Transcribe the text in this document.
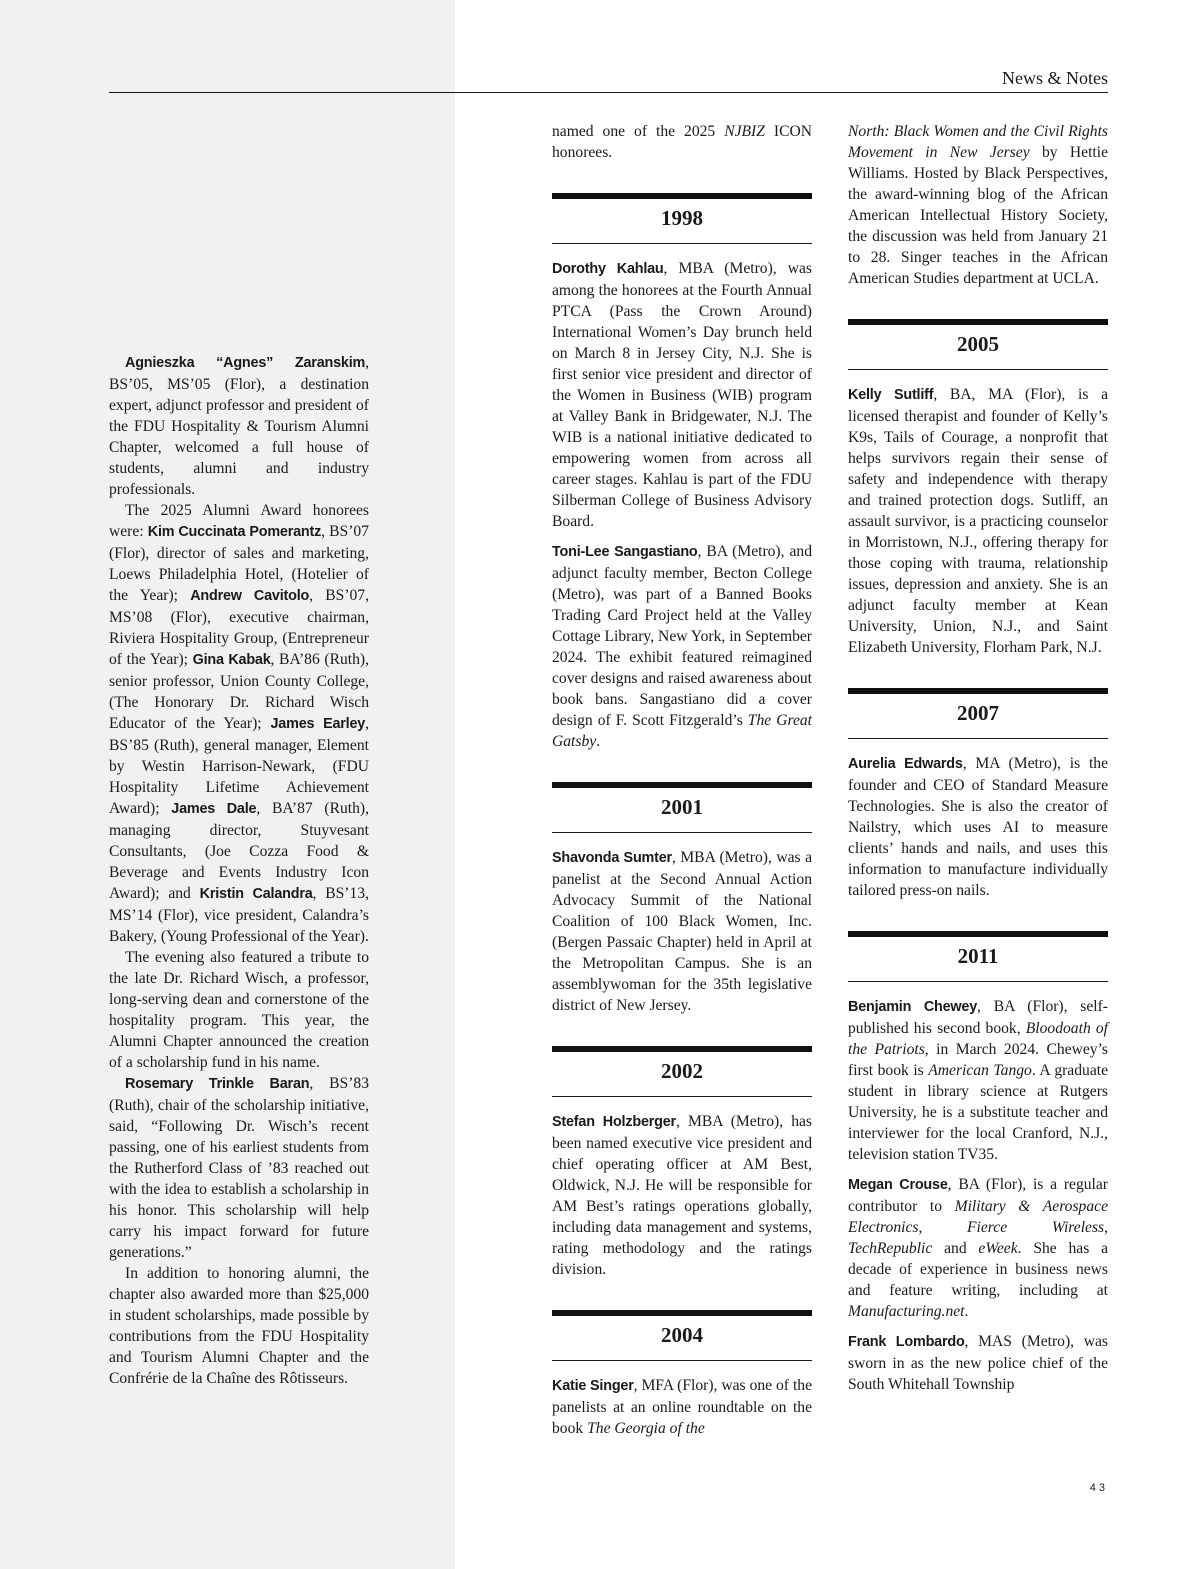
News & Notes

Agnieszka “Agnes” Zaranskim, BS’05, MS’05 (Flor), a destination expert, adjunct professor and president of the FDU Hospitality & Tourism Alumni Chapter, welcomed a full house of students, alumni and industry professionals.

The 2025 Alumni Award honorees were: Kim Cuccinata Pomerantz, BS’07 (Flor), director of sales and marketing, Loews Philadelphia Hotel, (Hotelier of the Year); Andrew Cavitolo, BS’07, MS’08 (Flor), executive chairman, Riviera Hospitality Group, (Entrepreneur of the Year); Gina Kabak, BA’86 (Ruth), senior professor, Union County College, (The Honorary Dr. Richard Wisch Educator of the Year); James Earley, BS’85 (Ruth), general manager, Element by Westin Harrison-Newark, (FDU Hospitality Lifetime Achievement Award); James Dale, BA’87 (Ruth), managing director, Stuyvesant Consultants, (Joe Cozza Food & Beverage and Events Industry Icon Award); and Kristin Calandra, BS’13, MS’14 (Flor), vice president, Calandra’s Bakery, (Young Professional of the Year).

The evening also featured a tribute to the late Dr. Richard Wisch, a professor, long-serving dean and cornerstone of the hospitality program. This year, the Alumni Chapter announced the creation of a scholarship fund in his name.

Rosemary Trinkle Baran, BS’83 (Ruth), chair of the scholarship initiative, said, “Following Dr. Wisch’s recent passing, one of his earliest students from the Rutherford Class of ’83 reached out with the idea to establish a scholarship in his honor. This scholarship will help carry his impact forward for future generations.”

In addition to honoring alumni, the chapter also awarded more than $25,000 in student scholarships, made possible by contributions from the FDU Hospitality and Tourism Alumni Chapter and the Confrérie de la Chaîne des Rôtisseurs.

named one of the 2025 NJBIZ ICON honorees.

1998

Dorothy Kahlau, MBA (Metro), was among the honorees at the Fourth Annual PTCA (Pass the Crown Around) International Women’s Day brunch held on March 8 in Jersey City, N.J. She is first senior vice president and director of the Women in Business (WIB) program at Valley Bank in Bridgewater, N.J. The WIB is a national initiative dedicated to empowering women from across all career stages. Kahlau is part of the FDU Silberman College of Business Advisory Board.

Toni-Lee Sangastiano, BA (Metro), and adjunct faculty member, Becton College (Metro), was part of a Banned Books Trading Card Project held at the Valley Cottage Library, New York, in September 2024. The exhibit featured reimagined cover designs and raised awareness about book bans. Sangastiano did a cover design of F. Scott Fitzgerald’s The Great Gatsby.

2001

Shavonda Sumter, MBA (Metro), was a panelist at the Second Annual Action Advocacy Summit of the National Coalition of 100 Black Women, Inc. (Bergen Passaic Chapter) held in April at the Metropolitan Campus. She is an assemblywoman for the 35th legislative district of New Jersey.

2002

Stefan Holzberger, MBA (Metro), has been named executive vice president and chief operating officer at AM Best, Oldwick, N.J. He will be responsible for AM Best’s ratings operations globally, including data management and systems, rating methodology and the ratings division.

2004

Katie Singer, MFA (Flor), was one of the panelists at an online roundtable on the book The Georgia of the

North: Black Women and the Civil Rights Movement in New Jersey by Hettie Williams. Hosted by Black Perspectives, the award-winning blog of the African American Intellectual History Society, the discussion was held from January 21 to 28. Singer teaches in the African American Studies department at UCLA.

2005

Kelly Sutliff, BA, MA (Flor), is a licensed therapist and founder of Kelly’s K9s, Tails of Courage, a nonprofit that helps survivors regain their sense of safety and independence with therapy and trained protection dogs. Sutliff, an assault survivor, is a practicing counselor in Morristown, N.J., offering therapy for those coping with trauma, relationship issues, depression and anxiety. She is an adjunct faculty member at Kean University, Union, N.J., and Saint Elizabeth University, Florham Park, N.J.

2007

Aurelia Edwards, MA (Metro), is the founder and CEO of Standard Measure Technologies. She is also the creator of Nailstry, which uses AI to measure clients’ hands and nails, and uses this information to manufacture individually tailored press-on nails.

2011

Benjamin Chewey, BA (Flor), self-published his second book, Bloodoath of the Patriots, in March 2024. Chewey’s first book is American Tango. A graduate student in library science at Rutgers University, he is a substitute teacher and interviewer for the local Cranford, N.J., television station TV35.

Megan Crouse, BA (Flor), is a regular contributor to Military & Aerospace Electronics, Fierce Wireless, TechRepublic and eWeek. She has a decade of experience in business news and feature writing, including at Manufacturing.net.

Frank Lombardo, MAS (Metro), was sworn in as the new police chief of the South Whitehall Township

43
